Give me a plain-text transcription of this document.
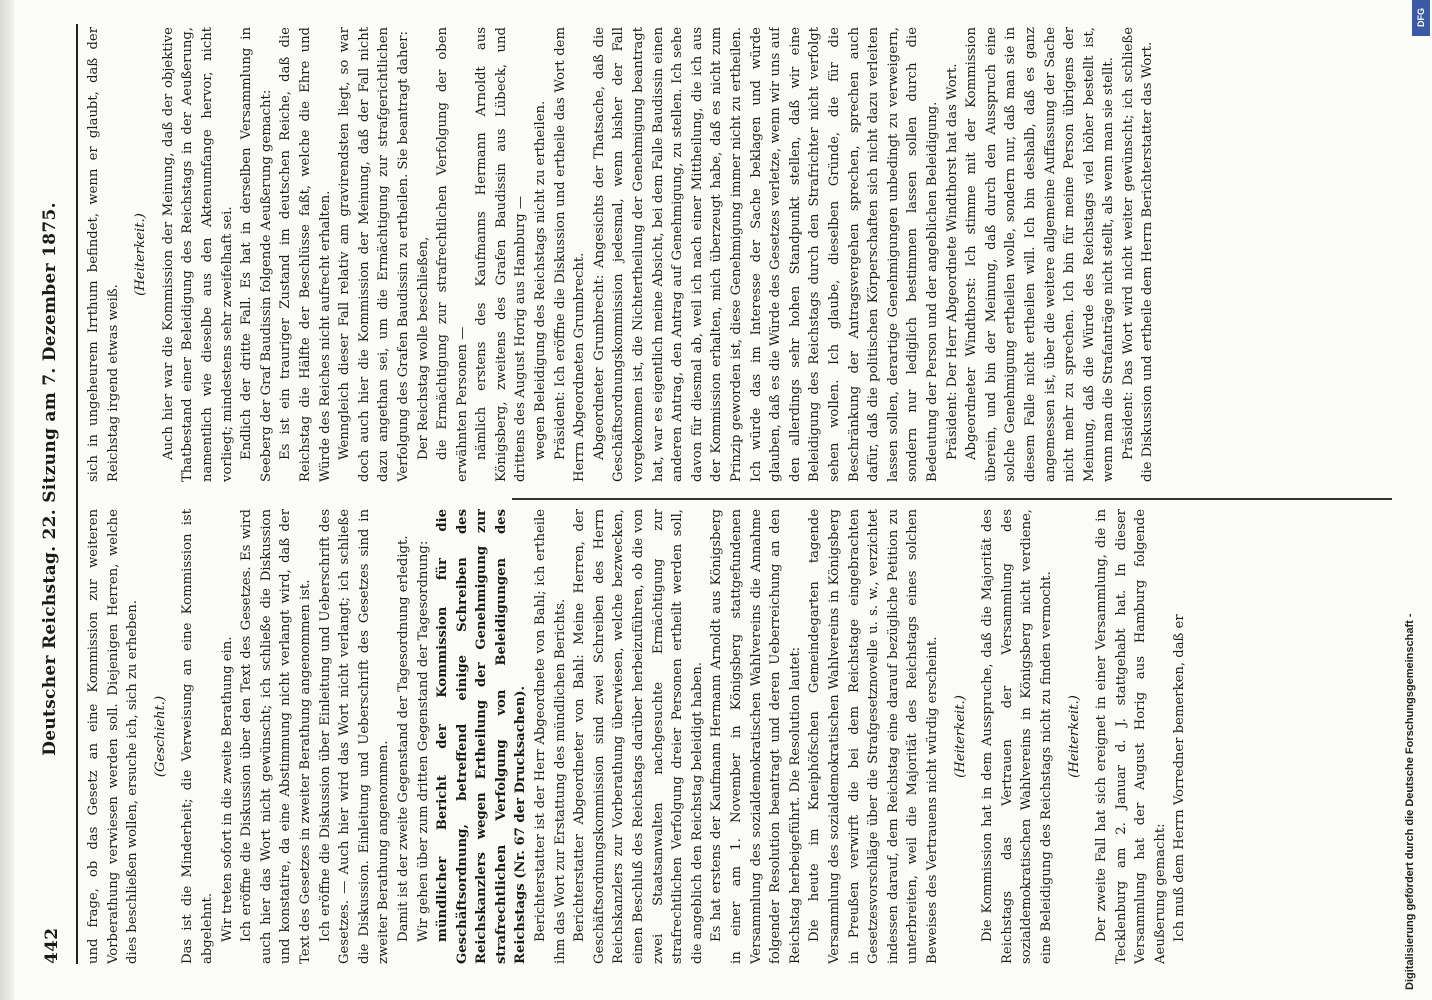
442
Deutscher Reichstag. 22. Sitzung am 7. Dezember 1875. und frage, ob das Gesetz an eine Kommission zur weiteren Vorberathung verwiesen werden soll. Diejenigen Herren, welche dies beschließen wollen, ersuche ich, sich zu erheben. (Geschieht.) Das ist die Minderheit; die Verweisung an eine Kommission ist abgelehnt. Wir treten sofort in die zweite Berathung ein. Ich eröffne die Diskussion über den Text des Gesetzes. Es wird auch hier das Wort nicht gewünscht; ich schließe die Diskussion und konstatire, da eine Abstimmung nicht verlangt wird, daß der Text des Gesetzes in zweiter Berathung angenommen ist. Ich eröffne die Diskussion über Einleitung und Ueberschrift des Gesetzes. — Auch hier wird das Wort nicht verlangt; ich schließe die Diskussion. Einleitung und Ueberschrift des Gesetzes sind in zweiter Berathung angenommen. Damit ist der zweite Gegenstand der Tagesordnung erledigt. Wir gehen über zum dritten Gegenstand der Tagesordnung: mündlicher Bericht der Kommission für die Geschäftsordnung, betreffend einige Schreiben des Reichskanzlers wegen Ertheilung der Genehmigung zur strafrechtlichen Verfolgung von Beleidigungen des Reichstags (Nr. 67 der Drucksachen). Berichterstatter ist der Herr Abgeordnete von Bahl; ich ertheile ihm das Wort zur Erstattung des mündlichen Berichts. Berichterstatter Abgeordneter von Bahl: Meine Herren, der Geschäftsordnungskommission sind zwei Schreiben des Herrn Reichskanzlers zur Vorberathung überwiesen, welche bezwecken, einen Beschluß des Reichstags darüber herbeizuführen, ob die von zwei Staatsanwalten nachgesuchte Ermächtigung zur strafrechtlichen Verfolgung dreier Personen ertheilt werden soll, die angeblich den Reichstag beleidigt haben. Es hat erstens der Kaufmann Hermann Arnoldt aus Königsberg in einer am 1. November in Königsberg stattgefundenen Versammlung des sozialdemokratischen Wahlvereins die Annahme folgender Resolution beantragt und deren Ueberreichung an den Reichstag herbeigeführt. Die Resolution lautet: Die heute im Kneiphöfschen Gemeindegarten tagende Versammlung des sozialdemokratischen Wahlvereins in Königsberg in Preußen verwirft die bei dem Reichstage eingebrachten Gesetzesvorschläge über die Strafgesetznovelle u. s. w., verzichtet indessen darauf, dem Reichstag eine darauf bezügliche Petition zu unterbreiten, weil die Majorität des Reichstags eines solchen Beweises des Vertrauens nicht würdig erscheint. (Heiterkeit.) Die Kommission hat in dem Ausspruche, daß die Majorität des Reichstags das Vertrauen der Versammlung des sozialdemokratischen Wahlvereins in Königsberg nicht verdiene, eine Beleidigung des Reichstags nicht zu finden vermocht. (Heiterkeit.) Der zweite Fall hat sich ereignet in einer Versammlung, die in Tecklenburg am 2. Januar d. J. stattgehabt hat. In dieser Versammlung hat der August Horig aus Hamburg folgende Aeußerung gemacht: Ich muß dem Herrn Vorredner bemerken, daß er

sich in ungeheurem Irrthum befindet, wenn er glaubt, daß der Reichstag irgend etwas weiß.

(Heiterkeit.) Auch hier war die Kommission der Meinung, daß der objektive Thatbestand einer Beleidigung des Reichstags in der Aeußerung, namentlich wie dieselbe aus den Aktenumfange hervor, nicht vorliegt; mindestens sehr zweifelhaft sei. Endlich der dritte Fall. Es hat in derselben Versammlung in Seeberg der Graf Baudissin folgende Aeußerung gemacht: Es ist ein trauriger Zustand im deutschen Reiche, daß die Reichstag die Hälfte der Beschlüsse faßt, welche die Ehre und Würde des Reiches nicht aufrecht erhalten. Wenngleich dieser Fall relativ am gravirendsten liegt, so war doch auch hier die Kommission der Meinung, daß der Fall nicht dazu angethan sei, um die Ermächtigung zur strafgerichtlichen Verfolgung des Grafen Baudissin zu ertheilen. Sie beantragt daher: Der Reichstag wolle beschließen, die Ermächtigung zur strafrechtlichen Verfolgung der oben erwähnten Personen — nämlich erstens des Kaufmanns Hermann Arnoldt aus Königsberg, zweitens des Grafen Baudissin aus Lübeck, und drittens des August Horig aus Hamburg — wegen Beleidigung des Reichstags nicht zu ertheilen. Präsident: Ich eröffne die Diskussion und ertheile das Wort dem Herrn Abgeordneten Grumbrecht. Abgeordneter Grumbrecht: Angesichts der Thatsache, daß die Geschäftsordnungskommission jedesmal, wenn bisher der Fall vorgekommen ist, die Nichtertheilung der Genehmigung beantragt hat, war es eigentlich meine Absicht, bei dem Falle Baudissin einen anderen Antrag, den Antrag auf Genehmigung, zu stellen. Ich sehe davon für diesmal ab, weil ich nach einer Mittheilung, die ich aus der Kommission erhalten, mich überzeugt habe, daß es nicht zum Prinzip geworden ist, diese Genehmigung immer nicht zu ertheilen. Ich würde das im Interesse der Sache beklagen und würde glauben, daß es die Würde des Gesetzes verletze, wenn wir uns auf den allerdings sehr hohen Standpunkt stellen, daß wir eine Beleidigung des Reichstags durch den Strafrichter nicht verfolgt sehen wollen. Ich glaube, dieselben Gründe, die für die Beschränkung der Antragsvergehen sprechen, sprechen auch dafür, daß die politischen Körperschaften sich nicht dazu verleiten lassen sollen, derartige Genehmigungen unbedingt zu verweigern, sondern nur lediglich bestimmen lassen sollen durch die Bedeutung der Person und der angeblichen Beleidigung. Präsident: Der Herr Abgeordnete Windthorst hat das Wort. Abgeordneter Windthorst: Ich stimme mit der Kommission überein, und bin der Meinung, daß durch den Ausspruch eine solche Genehmigung ertheilen wolle, sondern nur, daß man sie in diesem Falle nicht ertheilen will. Ich bin deshalb, daß es ganz angemessen ist, über die weitere allgemeine Auffassung der Sache nicht mehr zu sprechen. Ich bin für meine Person übrigens der Meinung, daß die Würde des Reichstags viel höher bestellt ist, wenn man die Strafanträge nicht stellt, als wenn man sie stellt. Präsident: Das Wort wird nicht weiter gewünscht; ich schließe die Diskussion und ertheile dem Herrn Berichterstatter das Wort.

Digitalisierung gefördert durch die Deutsche Forschungsgemeinschaft -
DFG
